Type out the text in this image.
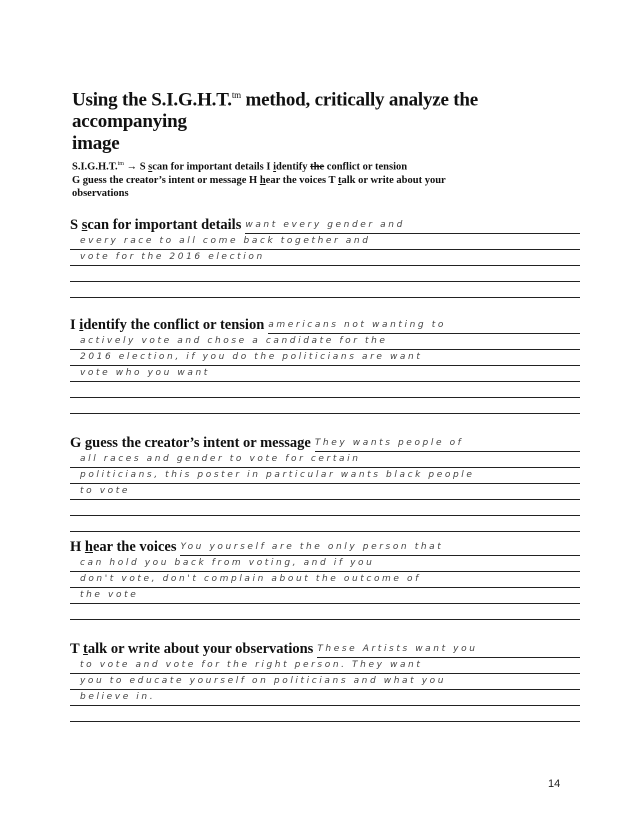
Using the S.I.G.H.T.$^{tm}$ method, critically analyze the accompanying
image
S.I.G.H.T.$^{tm}$ → S scan for important details I identify the conflict or tension
G guess the creator’s intent or message H hear the voices T talk or write about your
observations
S scan for important details want every gender and
every race to all come back together and
vote for the 2016 election
I identify the conflict or tension americans not wanting to
actively vote and chose a candidate for the
2016 election, if you do the politicians are want
vote who you want
G guess the creator’s intent or message They wants people of
all races and gender to vote for certain
politicians, this poster in particular wants black people
to vote
H hear the voices You yourself are the only person that
can hold you back from voting, and if you
don't vote, don't complain about the outcome of
the vote
T talk or write about your observations These Artists want you
to vote and vote for the right person. They want
you to educate yourself on politicians and what you
believe in.
14
